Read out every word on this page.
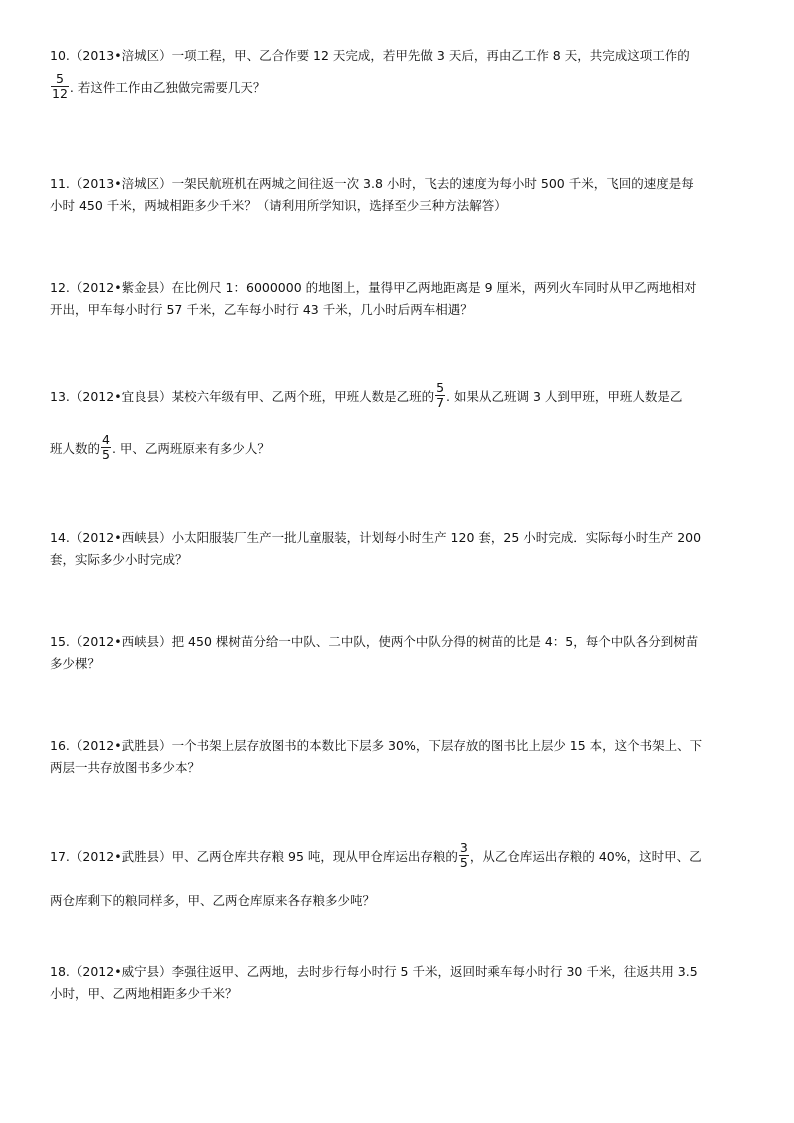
10.（2013•涪城区）一项工程，甲、乙合作要 12 天完成，若甲先做 3 天后，再由乙工作 8 天，共完成这项工作的
$\frac{5}{12}$ . 若这件工作由乙独做完需要几天？
11.（2013•涪城区）一架民航班机在两城之间往返一次 3.8 小时，飞去的速度为每小时 500 千米，飞回的速度是每
小时 450 千米，两城相距多少千米？（请利用所学知识，选择至少三种方法解答）
12.（2012•紫金县）在比例尺 1：6000000 的地图上，量得甲乙两地距离是 9 厘米，两列火车同时从甲乙两地相对
开出，甲车每小时行 57 千米，乙车每小时行 43 千米，几小时后两车相遇？
13.（2012•宜良县）某校六年级有甲、乙两个班，甲班人数是乙班的 $\frac{5}{7}$ . 如果从乙班调 3 人到甲班，甲班人数是乙
班人数的 $\frac{4}{5}$ . 甲、乙两班原来有多少人？
14.（2012•西峡县）小太阳服装厂生产一批儿童服装，计划每小时生产 120 套，25 小时完成．实际每小时生产 200
套，实际多少小时完成？
15.（2012•西峡县）把 450 棵树苗分给一中队、二中队，使两个中队分得的树苗的比是 4：5，每个中队各分到树苗
多少棵？
16.（2012•武胜县）一个书架上层存放图书的本数比下层多 30%，下层存放的图书比上层少 15 本，这个书架上、下
两层一共存放图书多少本？
17.（2012•武胜县）甲、乙两仓库共存粮 95 吨，现从甲仓库运出存粮的 $\frac{3}{5}$ ，从乙仓库运出存粮的 40%，这时甲、乙
两仓库剩下的粮同样多，甲、乙两仓库原来各存粮多少吨？
18.（2012•威宁县）李强往返甲、乙两地，去时步行每小时行 5 千米，返回时乘车每小时行 30 千米，往返共用 3.5
小时，甲、乙两地相距多少千米？
